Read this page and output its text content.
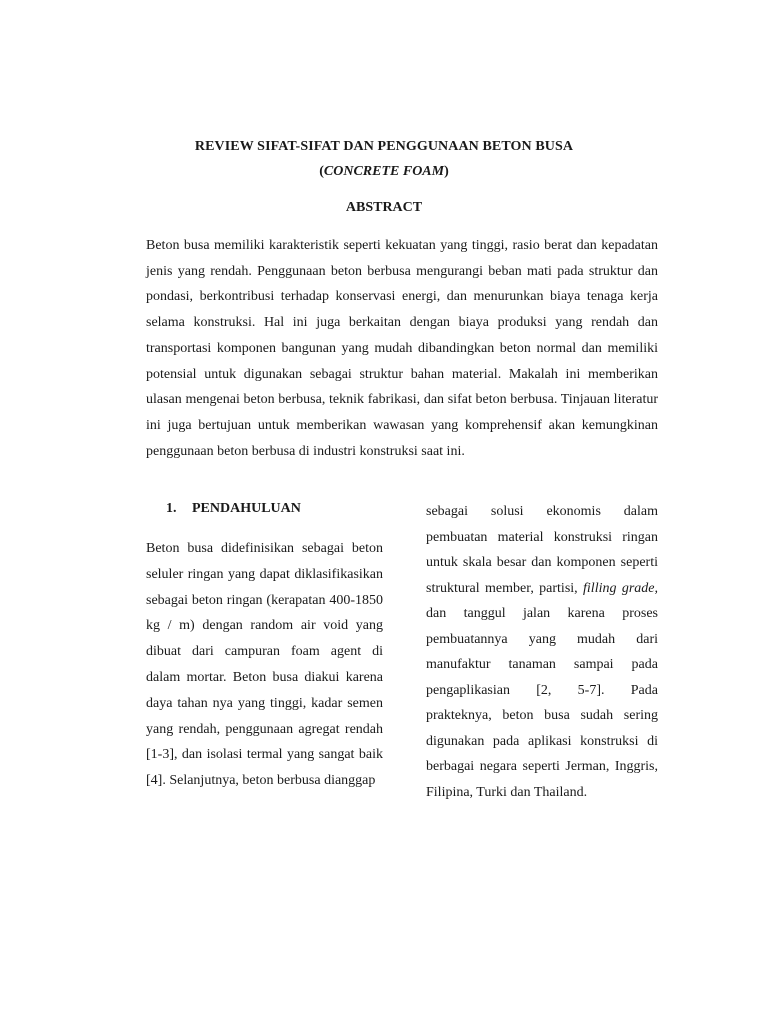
REVIEW SIFAT-SIFAT DAN PENGGUNAAN BETON BUSA
(CONCRETE FOAM)
ABSTRACT
Beton busa memiliki karakteristik seperti kekuatan yang tinggi, rasio berat dan kepadatan jenis yang rendah. Penggunaan beton berbusa mengurangi beban mati pada struktur dan pondasi, berkontribusi terhadap konservasi energi, dan menurunkan biaya tenaga kerja selama konstruksi. Hal ini juga berkaitan dengan biaya produksi yang rendah dan transportasi komponen bangunan yang mudah dibandingkan beton normal dan memiliki potensial untuk digunakan sebagai struktur bahan material. Makalah ini memberikan ulasan mengenai beton berbusa, teknik fabrikasi, dan sifat beton berbusa. Tinjauan literatur ini juga bertujuan untuk memberikan wawasan yang komprehensif akan kemungkinan penggunaan beton berbusa di industri konstruksi saat ini.
1. PENDAHULUAN
Beton busa didefinisikan sebagai beton seluler ringan yang dapat diklasifikasikan sebagai beton ringan (kerapatan 400-1850 kg / m) dengan random air void yang dibuat dari campuran foam agent di dalam mortar. Beton busa diakui karena daya tahan nya yang tinggi, kadar semen yang rendah, penggunaan agregat rendah [1-3], dan isolasi termal yang sangat baik [4]. Selanjutnya, beton berbusa dianggap
sebagai solusi ekonomis dalam pembuatan material konstruksi ringan untuk skala besar dan komponen seperti struktural member, partisi, filling grade, dan tanggul jalan karena proses pembuatannya yang mudah dari manufaktur tanaman sampai pada pengaplikasian [2, 5-7]. Pada prakteknya, beton busa sudah sering digunakan pada aplikasi konstruksi di berbagai negara seperti Jerman, Inggris, Filipina, Turki dan Thailand.
